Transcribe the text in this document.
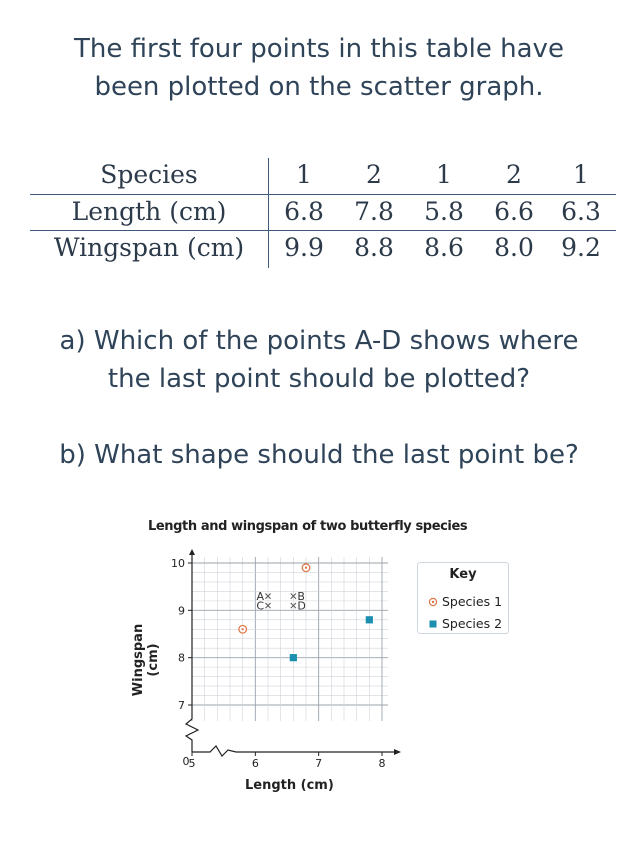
The first four points in this table have
been plotted on the scatter graph.
Species	1	2	1	2	1
Length (cm)	6.8	7.8	5.8	6.6	6.3
Wingspan (cm)	9.9	8.8	8.6	8.0	9.2
a) Which of the points A-D shows where
the last point should be plotted?
b) What shape should the last point be?
Length and wingspan of two butterfly species
Wingspan (cm)
Length (cm)
0 5	6	7	8
7
8
9
10
A	B
C	D
Key
Species 1
Species 2
